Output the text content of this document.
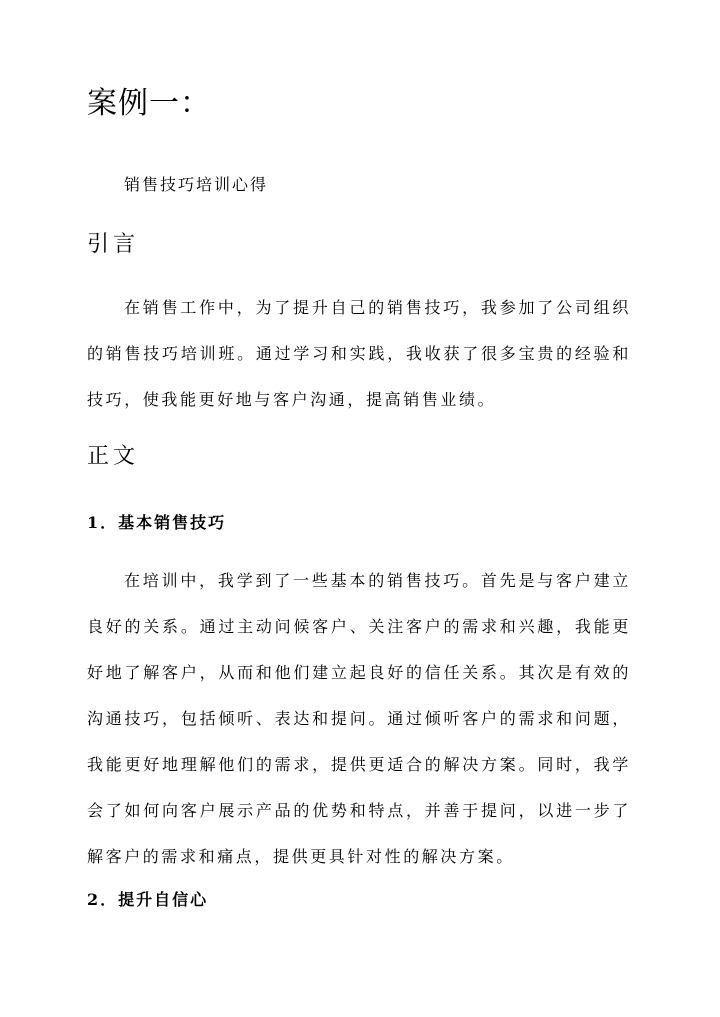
案例一：
销售技巧培训心得
引言

在销售工作中，为了提升自己的销售技巧，我参加了公司组织的销售技巧培训班。通过学习和实践，我收获了很多宝贵的经验和技巧，使我能更好地与客户沟通，提高销售业绩。

正文
1．基本销售技巧

在培训中，我学到了一些基本的销售技巧。首先是与客户建立良好的关系。通过主动问候客户、关注客户的需求和兴趣，我能更好地了解客户，从而和他们建立起良好的信任关系。其次是有效的沟通技巧，包括倾听、表达和提问。通过倾听客户的需求和问题，我能更好地理解他们的需求，提供更适合的解决方案。同时，我学会了如何向客户展示产品的优势和特点，并善于提问，以进一步了解客户的需求和痛点，提供更具针对性的解决方案。

2．提升自信心
